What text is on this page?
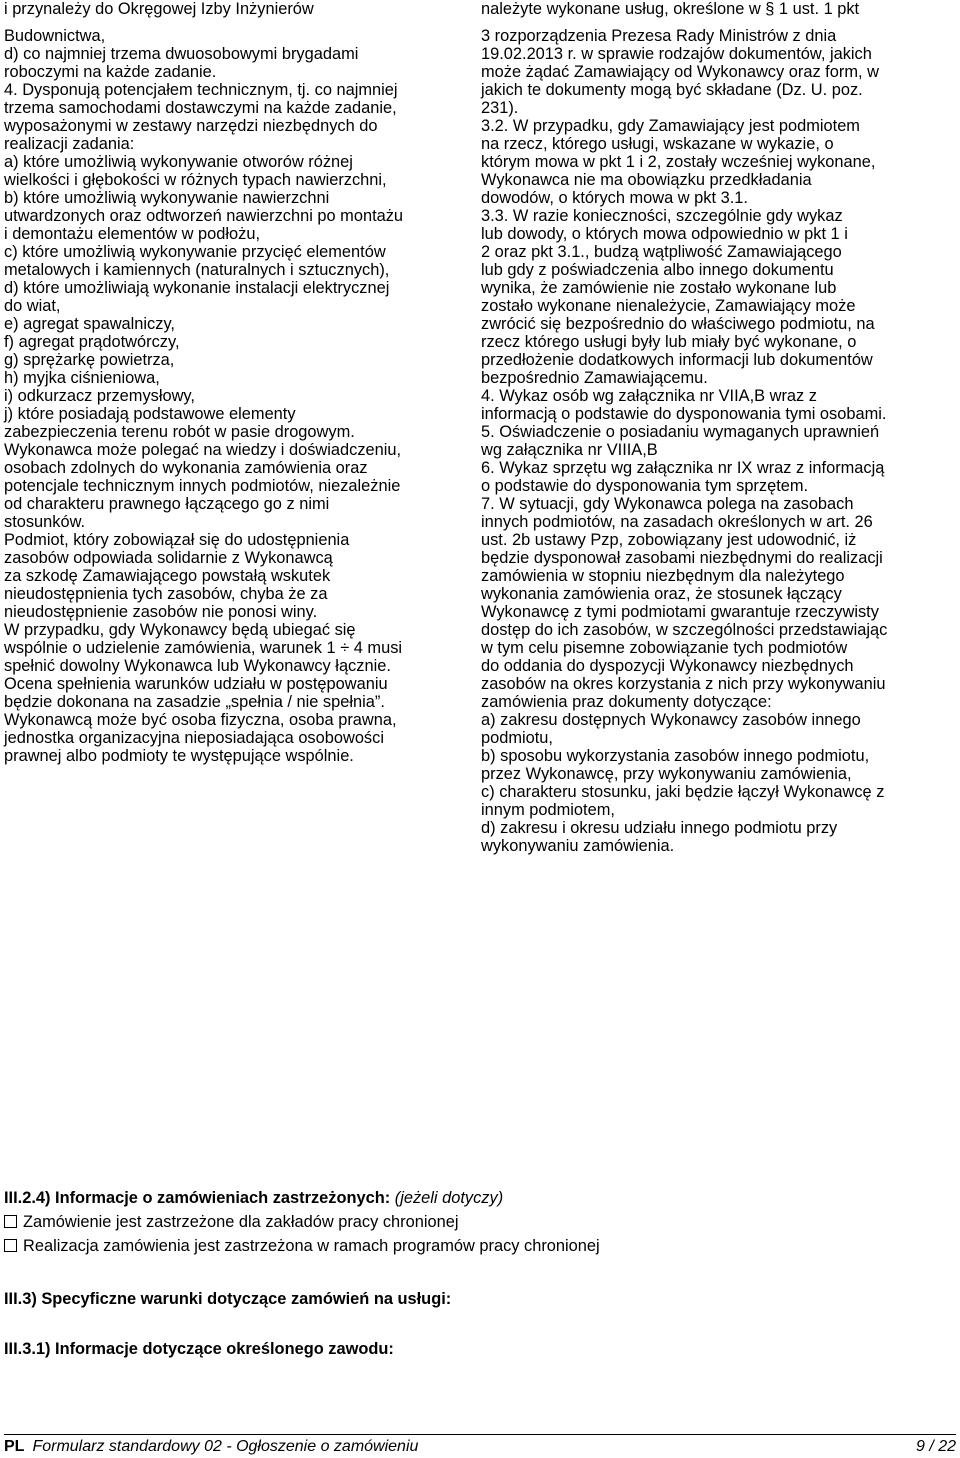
i przynależy do Okręgowej Izby Inżynierów

Budownictwa,

d) co najmniej trzema dwuosobowymi brygadami

roboczymi na każde zadanie.

4. Dysponują potencjałem technicznym, tj. co najmniej

trzema samochodami dostawczymi na każde zadanie,

wyposażonymi w zestawy narzędzi niezbędnych do

realizacji zadania:

a) które umożliwią wykonywanie otworów różnej

wielkości i głębokości w różnych typach nawierzchni,

b) które umożliwią wykonywanie nawierzchni

utwardzonych oraz odtworzeń nawierzchni po montażu

i demontażu elementów w podłożu,

c) które umożliwią wykonywanie przycięć elementów

metalowych i kamiennych (naturalnych i sztucznych),

d) które umożliwiają wykonanie instalacji elektrycznej

do wiat,

e) agregat spawalniczy,

f) agregat prądotwórczy,

g) sprężarkę powietrza,

h) myjka ciśnieniowa,

i) odkurzacz przemysłowy,

j) które posiadają podstawowe elementy

zabezpieczenia terenu robót w pasie drogowym.

Wykonawca może polegać na wiedzy i doświadczeniu,

osobach zdolnych do wykonania zamówienia oraz

potencjale technicznym innych podmiotów, niezależnie

od charakteru prawnego łączącego go z nimi

stosunków.

Podmiot, który zobowiązał się do udostępnienia

zasobów odpowiada solidarnie z Wykonawcą

za szkodę Zamawiającego powstałą wskutek

nieudostępnienia tych zasobów, chyba że za

nieudostępnienie zasobów nie ponosi winy.

W przypadku, gdy Wykonawcy będą ubiegać się

wspólnie o udzielenie zamówienia, warunek 1 ÷ 4 musi

spełnić dowolny Wykonawca lub Wykonawcy łącznie.

Ocena spełnienia warunków udziału w postępowaniu

będzie dokonana na zasadzie „spełnia / nie spełnia”.

Wykonawcą może być osoba fizyczna, osoba prawna,

jednostka organizacyjna nieposiadająca osobowości

prawnej albo podmioty te występujące wspólnie.

należyte wykonane usług, określone w § 1 ust. 1 pkt

3 rozporządzenia Prezesa Rady Ministrów z dnia

19.02.2013 r. w sprawie rodzajów dokumentów, jakich

może żądać Zamawiający od Wykonawcy oraz form, w

jakich te dokumenty mogą być składane (Dz. U. poz.

231).

3.2. W przypadku, gdy Zamawiający jest podmiotem

na rzecz, którego usługi, wskazane w wykazie, o

którym mowa w pkt 1 i 2, zostały wcześniej wykonane,

Wykonawca nie ma obowiązku przedkładania

dowodów, o których mowa w pkt 3.1.

3.3. W razie konieczności, szczególnie gdy wykaz

lub dowody, o których mowa odpowiednio w pkt 1 i

2 oraz pkt 3.1., budzą wątpliwość Zamawiającego

lub gdy z poświadczenia albo innego dokumentu

wynika, że zamówienie nie zostało wykonane lub

zostało wykonane nienależycie, Zamawiający może

zwrócić się bezpośrednio do właściwego podmiotu, na

rzecz którego usługi były lub miały być wykonane, o

przedłożenie dodatkowych informacji lub dokumentów

bezpośrednio Zamawiającemu.

4. Wykaz osób wg załącznika nr VIIA,B wraz z

informacją o podstawie do dysponowania tymi osobami.

5. Oświadczenie o posiadaniu wymaganych uprawnień

wg załącznika nr VIIIA,B

6. Wykaz sprzętu wg załącznika nr IX wraz z informacją

o podstawie do dysponowania tym sprzętem.

7. W sytuacji, gdy Wykonawca polega na zasobach

innych podmiotów, na zasadach określonych w art. 26

ust. 2b ustawy Pzp, zobowiązany jest udowodnić, iż

będzie dysponował zasobami niezbędnymi do realizacji

zamówienia w stopniu niezbędnym dla należytego

wykonania zamówienia oraz, że stosunek łączący

Wykonawcę z tymi podmiotami gwarantuje rzeczywisty

dostęp do ich zasobów, w szczególności przedstawiając

w tym celu pisemne zobowiązanie tych podmiotów

do oddania do dyspozycji Wykonawcy niezbędnych

zasobów na okres korzystania z nich przy wykonywaniu

zamówienia praz dokumenty dotyczące:

a) zakresu dostępnych Wykonawcy zasobów innego

podmiotu,

b) sposobu wykorzystania zasobów innego podmiotu,

przez Wykonawcę, przy wykonywaniu zamówienia,

c) charakteru stosunku, jaki będzie łączył Wykonawcę z

innym podmiotem,

d) zakresu i okresu udziału innego podmiotu przy

wykonywaniu zamówienia.

III.2.4) Informacje o zamówieniach zastrzeżonych: (jeżeli dotyczy)
Zamówienie jest zastrzeżone dla zakładów pracy chronionej
Realizacja zamówienia jest zastrzeżona w ramach programów pracy chronionej
III.3) Specyficzne warunki dotyczące zamówień na usługi:
III.3.1) Informacje dotyczące określonego zawodu:
PL Formularz standardowy 02 - Ogłoszenie o zamówieniu	9 / 22
